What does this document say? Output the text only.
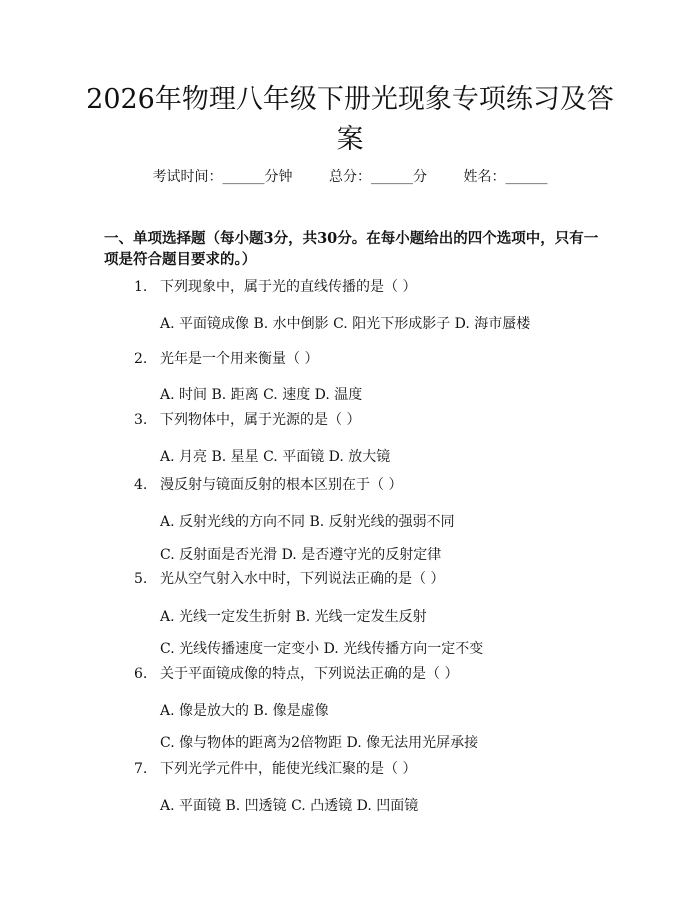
2026年物理八年级下册光现象专项练习及答案
考试时间：______分钟	总分：______分	姓名：______

一、单项选择题（每小题3分，共30分。在每小题给出的四个选项中，只有一项是符合题目要求的。）

1. 下列现象中，属于光的直线传播的是（ ）
A. 平面镜成像 B. 水中倒影 C. 阳光下形成影子 D. 海市蜃楼
2. 光年是一个用来衡量（ ）
A. 时间 B. 距离 C. 速度 D. 温度
3. 下列物体中，属于光源的是（ ）
A. 月亮 B. 星星 C. 平面镜 D. 放大镜
4. 漫反射与镜面反射的根本区别在于（ ）
A. 反射光线的方向不同 B. 反射光线的强弱不同
C. 反射面是否光滑 D. 是否遵守光的反射定律
5. 光从空气射入水中时，下列说法正确的是（ ）
A. 光线一定发生折射 B. 光线一定发生反射
C. 光线传播速度一定变小 D. 光线传播方向一定不变
6. 关于平面镜成像的特点，下列说法正确的是（ ）
A. 像是放大的 B. 像是虚像
C. 像与物体的距离为2倍物距 D. 像无法用光屏承接
7. 下列光学元件中，能使光线汇聚的是（ ）
A. 平面镜 B. 凹透镜 C. 凸透镜 D. 凹面镜
